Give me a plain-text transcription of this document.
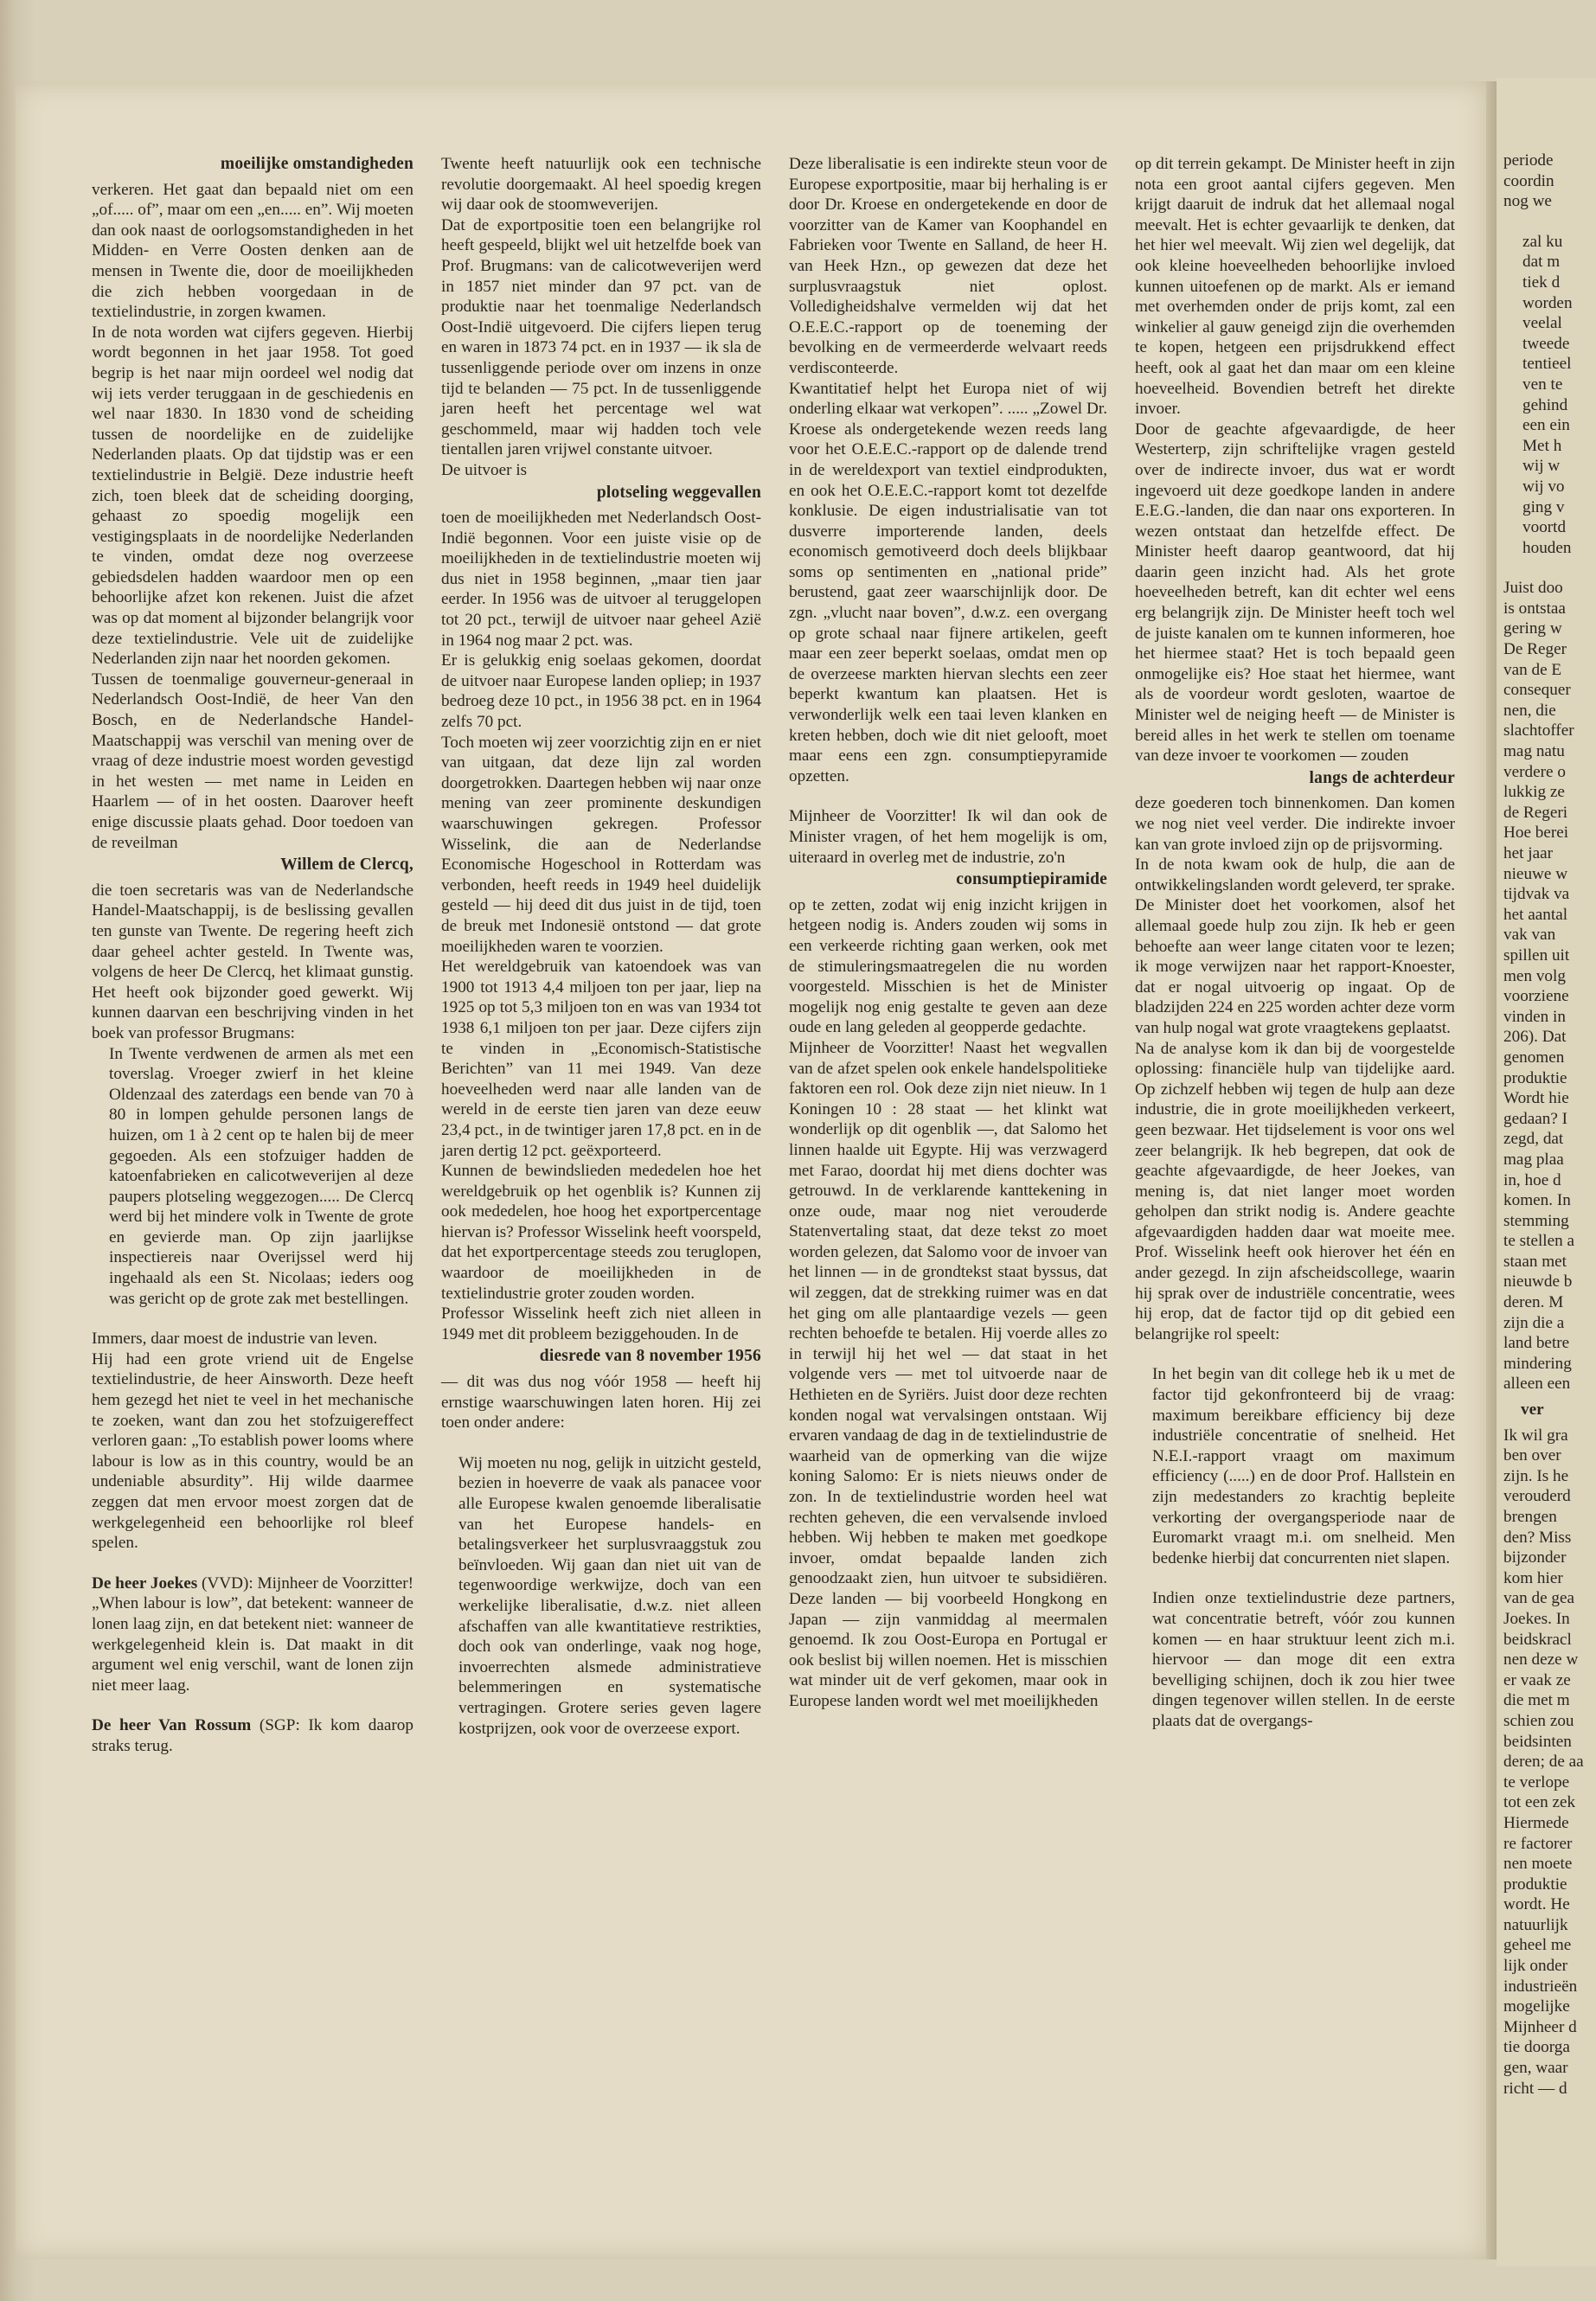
moeilijke omstandigheden

verkeren. Het gaat dan bepaald niet om een „of..... of”, maar om een „en..... en”. Wij moeten dan ook naast de oorlogsomstandigheden in het Midden- en Verre Oosten denken aan de mensen in Twente die, door de moeilijkheden die zich hebben voorgedaan in de textielindustrie, in zorgen kwamen.

In de nota worden wat cijfers gegeven. Hierbij wordt begonnen in het jaar 1958. Tot goed begrip is het naar mijn oordeel wel nodig dat wij iets verder teruggaan in de geschiedenis en wel naar 1830. In 1830 vond de scheiding tussen de noordelijke en de zuidelijke Nederlanden plaats. Op dat tijdstip was er een textielindustrie in België. Deze industrie heeft zich, toen bleek dat de scheiding doorging, gehaast zo spoedig mogelijk een vestigingsplaats in de noordelijke Nederlanden te vinden, omdat deze nog overzeese gebiedsdelen hadden waardoor men op een behoorlijke afzet kon rekenen. Juist die afzet was op dat moment al bijzonder belangrijk voor deze textielindustrie. Vele uit de zuidelijke Nederlanden zijn naar het noorden gekomen.

Tussen de toenmalige gouverneur-generaal in Nederlandsch Oost-Indië, de heer Van den Bosch, en de Nederlandsche Handel-Maatschappij was verschil van mening over de vraag of deze industrie moest worden gevestigd in het westen — met name in Leiden en Haarlem — of in het oosten. Daarover heeft enige discussie plaats gehad. Door toedoen van de reveilman

Willem de Clercq,

die toen secretaris was van de Nederlandsche Handel-Maatschappij, is de beslissing gevallen ten gunste van Twente. De regering heeft zich daar geheel achter gesteld. In Twente was, volgens de heer De Clercq, het klimaat gunstig. Het heeft ook bijzonder goed gewerkt. Wij kunnen daarvan een beschrijving vinden in het boek van professor Brugmans:

In Twente verdwenen de armen als met een toverslag. Vroeger zwierf in het kleine Oldenzaal des zaterdags een bende van 70 à 80 in lompen gehulde personen langs de huizen, om 1 à 2 cent op te halen bij de meer gegoeden. Als een stofzuiger hadden de katoenfabrieken en calicotweverijen al deze paupers plotseling weggezogen..... De Clercq werd bij het mindere volk in Twente de grote en gevierde man. Op zijn jaarlijkse inspectiereis naar Overijssel werd hij ingehaald als een St. Nicolaas; ieders oog was gericht op de grote zak met bestellingen.

Immers, daar moest de industrie van leven.

Hij had een grote vriend uit de Engelse textielindustrie, de heer Ainsworth. Deze heeft hem gezegd het niet te veel in het mechanische te zoeken, want dan zou het stofzuigereffect verloren gaan: „To establish power looms where labour is low as in this country, would be an undeniable absurdity”. Hij wilde daarmee zeggen dat men ervoor moest zorgen dat de werkgelegenheid een behoorlijke rol bleef spelen.

De heer Joekes (VVD): Mijnheer de Voorzitter! „When labour is low”, dat betekent: wanneer de lonen laag zijn, en dat betekent niet: wanneer de werkgelegenheid klein is. Dat maakt in dit argument wel enig verschil, want de lonen zijn niet meer laag.

De heer Van Rossum (SGP: Ik kom daarop straks terug.

Twente heeft natuurlijk ook een technische revolutie doorgemaakt. Al heel spoedig kregen wij daar ook de stoomweverijen.

Dat de exportpositie toen een belangrijke rol heeft gespeeld, blijkt wel uit hetzelfde boek van Prof. Brugmans: van de calicotweverijen werd in 1857 niet minder dan 97 pct. van de produktie naar het toenmalige Nederlandsch Oost-Indië uitgevoerd. Die cijfers liepen terug en waren in 1873 74 pct. en in 1937 — ik sla de tussenliggende periode over om inzens in onze tijd te belanden — 75 pct. In de tussenliggende jaren heeft het percentage wel wat geschommeld, maar wij hadden toch vele tientallen jaren vrijwel constante uitvoer.

De uitvoer is

plotseling weggevallen

toen de moeilijkheden met Nederlandsch Oost-Indië begonnen. Voor een juiste visie op de moeilijkheden in de textielindustrie moeten wij dus niet in 1958 beginnen, „maar tien jaar eerder. In 1956 was de uitvoer al teruggelopen tot 20 pct., terwijl de uitvoer naar geheel Azië in 1964 nog maar 2 pct. was.

Er is gelukkig enig soelaas gekomen, doordat de uitvoer naar Europese landen opliep; in 1937 bedroeg deze 10 pct., in 1956 38 pct. en in 1964 zelfs 70 pct.

Toch moeten wij zeer voorzichtig zijn en er niet van uitgaan, dat deze lijn zal worden doorgetrokken. Daartegen hebben wij naar onze mening van zeer prominente deskundigen waarschuwingen gekregen. Professor Wisselink, die aan de Nederlandse Economische Hogeschool in Rotterdam was verbonden, heeft reeds in 1949 heel duidelijk gesteld — hij deed dit dus juist in de tijd, toen de breuk met Indonesië ontstond — dat grote moeilijkheden waren te voorzien.

Het wereldgebruik van katoendoek was van 1900 tot 1913 4,4 miljoen ton per jaar, liep na 1925 op tot 5,3 miljoen ton en was van 1934 tot 1938 6,1 miljoen ton per jaar. Deze cijfers zijn te vinden in „Economisch-Statistische Berichten” van 11 mei 1949. Van deze hoeveelheden werd naar alle landen van de wereld in de eerste tien jaren van deze eeuw 23,4 pct., in de twintiger jaren 17,8 pct. en in de jaren dertig 12 pct. geëxporteerd.

Kunnen de bewindslieden mededelen hoe het wereldgebruik op het ogenblik is? Kunnen zij ook mededelen, hoe hoog het exportpercentage hiervan is? Professor Wisselink heeft voorspeld, dat het exportpercentage steeds zou teruglopen, waardoor de moeilijkheden in de textielindustrie groter zouden worden.

Professor Wisselink heeft zich niet alleen in 1949 met dit probleem beziggehouden. In de

diesrede van 8 november 1956

— dit was dus nog vóór 1958 — heeft hij ernstige waarschuwingen laten horen. Hij zei toen onder andere:

Wij moeten nu nog, gelijk in uitzicht gesteld, bezien in hoeverre de vaak als panacee voor alle Europese kwalen genoemde liberalisatie van het Europese handels- en betalingsverkeer het surplusvraaggstuk zou beïnvloeden. Wij gaan dan niet uit van de tegenwoordige werkwijze, doch van een werkelijke liberalisatie, d.w.z. niet alleen afschaffen van alle kwantitatieve restrikties, doch ook van onderlinge, vaak nog hoge, invoerrechten alsmede administratieve belemmeringen en systematische vertragingen. Grotere series geven lagere kostprijzen, ook voor de overzeese export.

Deze liberalisatie is een indirekte steun voor de Europese exportpositie, maar bij herhaling is er door Dr. Kroese en ondergetekende en door de voorzitter van de Kamer van Koophandel en Fabrieken voor Twente en Salland, de heer H. van Heek Hzn., op gewezen dat deze het surplusvraagstuk niet oplost. Volledigheidshalve vermelden wij dat het O.E.E.C.-rapport op de toeneming der bevolking en de vermeerderde welvaart reeds verdisconteerde.

Kwantitatief helpt het Europa niet of wij onderling elkaar wat verkopen”. ..... „Zowel Dr. Kroese als ondergetekende wezen reeds lang voor het O.E.E.C.-rapport op de dalende trend in de wereldexport van textiel eindprodukten, en ook het O.E.E.C.-rapport komt tot dezelfde konklusie. De eigen industrialisatie van tot dusverre importerende landen, deels economisch gemotiveerd doch deels blijkbaar soms op sentimenten en „national pride” berustend, gaat zeer waarschijnlijk door. De zgn. „vlucht naar boven”, d.w.z. een overgang op grote schaal naar fijnere artikelen, geeft maar een zeer beperkt soelaas, omdat men op de overzeese markten hiervan slechts een zeer beperkt kwantum kan plaatsen. Het is verwonderlijk welk een taai leven klanken en kreten hebben, doch wie dit niet gelooft, moet maar eens een zgn. consumptiepyramide opzetten.

Mijnheer de Voorzitter! Ik wil dan ook de Minister vragen, of het hem mogelijk is om, uiteraard in overleg met de industrie, zo'n

consumptiepiramide

op te zetten, zodat wij enig inzicht krijgen in hetgeen nodig is. Anders zouden wij soms in een verkeerde richting gaan werken, ook met de stimuleringsmaatregelen die nu worden voorgesteld. Misschien is het de Minister mogelijk nog enig gestalte te geven aan deze oude en lang geleden al geopperde gedachte.

Mijnheer de Voorzitter! Naast het wegvallen van de afzet spelen ook enkele handelspolitieke faktoren een rol. Ook deze zijn niet nieuw. In 1 Koningen 10 : 28 staat — het klinkt wat wonderlijk op dit ogenblik —, dat Salomo het linnen haalde uit Egypte. Hij was verzwagerd met Farao, doordat hij met diens dochter was getrouwd. In de verklarende kanttekening in onze oude, maar nog niet verouderde Statenvertaling staat, dat deze tekst zo moet worden gelezen, dat Salomo voor de invoer van het linnen — in de grondtekst staat byssus, dat wil zeggen, dat de strekking ruimer was en dat het ging om alle plantaardige vezels — geen rechten behoefde te betalen. Hij voerde alles zo in terwijl hij het wel — dat staat in het volgende vers — met tol uitvoerde naar de Hethieten en de Syriërs. Juist door deze rechten konden nogal wat vervalsingen ontstaan. Wij ervaren vandaag de dag in de textielindustrie de waarheid van de opmerking van die wijze koning Salomo: Er is niets nieuws onder de zon. In de textielindustrie worden heel wat rechten geheven, die een vervalsende invloed hebben. Wij hebben te maken met goedkope invoer, omdat bepaalde landen zich genoodzaakt zien, hun uitvoer te subsidiëren. Deze landen — bij voorbeeld Hongkong en Japan — zijn vanmiddag al meermalen genoemd. Ik zou Oost-Europa en Portugal er ook beslist bij willen noemen. Het is misschien wat minder uit de verf gekomen, maar ook in Europese landen wordt wel met moeilijkheden

op dit terrein gekampt. De Minister heeft in zijn nota een groot aantal cijfers gegeven. Men krijgt daaruit de indruk dat het allemaal nogal meevalt. Het is echter gevaarlijk te denken, dat het hier wel meevalt. Wij zien wel degelijk, dat ook kleine hoeveelheden behoorlijke invloed kunnen uitoefenen op de markt. Als er iemand met overhemden onder de prijs komt, zal een winkelier al gauw geneigd zijn die overhemden te kopen, hetgeen een prijsdrukkend effect heeft, ook al gaat het dan maar om een kleine hoeveelheid. Bovendien betreft het direkte invoer.

Door de geachte afgevaardigde, de heer Westerterp, zijn schriftelijke vragen gesteld over de indirecte invoer, dus wat er wordt ingevoerd uit deze goedkope landen in andere E.E.G.-landen, die dan naar ons exporteren. In wezen ontstaat dan hetzelfde effect. De Minister heeft daarop geantwoord, dat hij daarin geen inzicht had. Als het grote hoeveelheden betreft, kan dit echter wel eens erg belangrijk zijn. De Minister heeft toch wel de juiste kanalen om te kunnen informeren, hoe het hiermee staat? Het is toch bepaald geen onmogelijke eis? Hoe staat het hiermee, want als de voordeur wordt gesloten, waartoe de Minister wel de neiging heeft — de Minister is bereid alles in het werk te stellen om toename van deze invoer te voorkomen — zouden

langs de achterdeur

deze goederen toch binnenkomen. Dan komen we nog niet veel verder. Die indirekte invoer kan van grote invloed zijn op de prijsvorming.

In de nota kwam ook de hulp, die aan de ontwikkelingslanden wordt geleverd, ter sprake. De Minister doet het voorkomen, alsof het allemaal goede hulp zou zijn. Ik heb er geen behoefte aan weer lange citaten voor te lezen; ik moge verwijzen naar het rapport-Knoester, dat er nogal uitvoerig op ingaat. Op de bladzijden 224 en 225 worden achter deze vorm van hulp nogal wat grote vraagtekens geplaatst.

Na de analyse kom ik dan bij de voorgestelde oplossing: financiële hulp van tijdelijke aard. Op zichzelf hebben wij tegen de hulp aan deze industrie, die in grote moeilijkheden verkeert, geen bezwaar. Het tijdselement is voor ons wel zeer belangrijk. Ik heb begrepen, dat ook de geachte afgevaardigde, de heer Joekes, van mening is, dat niet langer moet worden geholpen dan strikt nodig is. Andere geachte afgevaardigden hadden daar wat moeite mee. Prof. Wisselink heeft ook hierover het één en ander gezegd. In zijn afscheidscollege, waarin hij sprak over de industriële concentratie, wees hij erop, dat de factor tijd op dit gebied een belangrijke rol speelt:

In het begin van dit college heb ik u met de factor tijd gekonfronteerd bij de vraag: maximum bereikbare efficiency bij deze industriële concentratie of snelheid. Het N.E.I.-rapport vraagt om maximum efficiency (.....) en de door Prof. Hallstein en zijn medestanders zo krachtig bepleite verkorting der overgangsperiode naar de Euromarkt vraagt m.i. om snelheid. Men bedenke hierbij dat concurrenten niet slapen.

Indien onze textielindustrie deze partners, wat concentratie betreft, vóór zou kunnen komen — en haar struktuur leent zich m.i. hiervoor — dan moge dit een extra bevelliging schijnen, doch ik zou hier twee dingen tegenover willen stellen. In de eerste plaats dat de overgangs-

periode
coordin
nog we
zal ku
dat m
tiek d
worden
veelal
tweede
tentieel
ven te
gehind
een ein
Met h
wij w
wij vo
ging v
voortd
houden
Juist doo
is ontstaa
gering w
De Reger
van de E
consequer
nen, die
slachtoffer
mag natu
verdere o
lukkig ze
de Regeri
Hoe berei
het jaar
nieuwe w
tijdvak va
het aantal
vak van
spillen uit
men volg
voorziene
vinden in
206). Dat
genomen
produktie
Wordt hie
gedaan? I
zegd, dat
mag plaa
in, hoe d
komen. In
stemming
te stellen a
staan met
nieuwde b
deren. M
zijn die a
land betre
mindering
alleen een
ver
Ik wil gra
ben over
zijn. Is he
verouderd
brengen
den? Miss
bijzonder
kom hier
van de gea
Joekes. In
beidskracl
nen deze w
er vaak ze
die met m
schien zou
beidsinten
deren; de aa
te verlope
tot een zek
Hiermede
re factorer
nen moete
produktie
wordt. He
natuurlijk
geheel me
lijk onder
industrieën
mogelijke
Mijnheer d
tie doorga
gen, waar
richt — d
